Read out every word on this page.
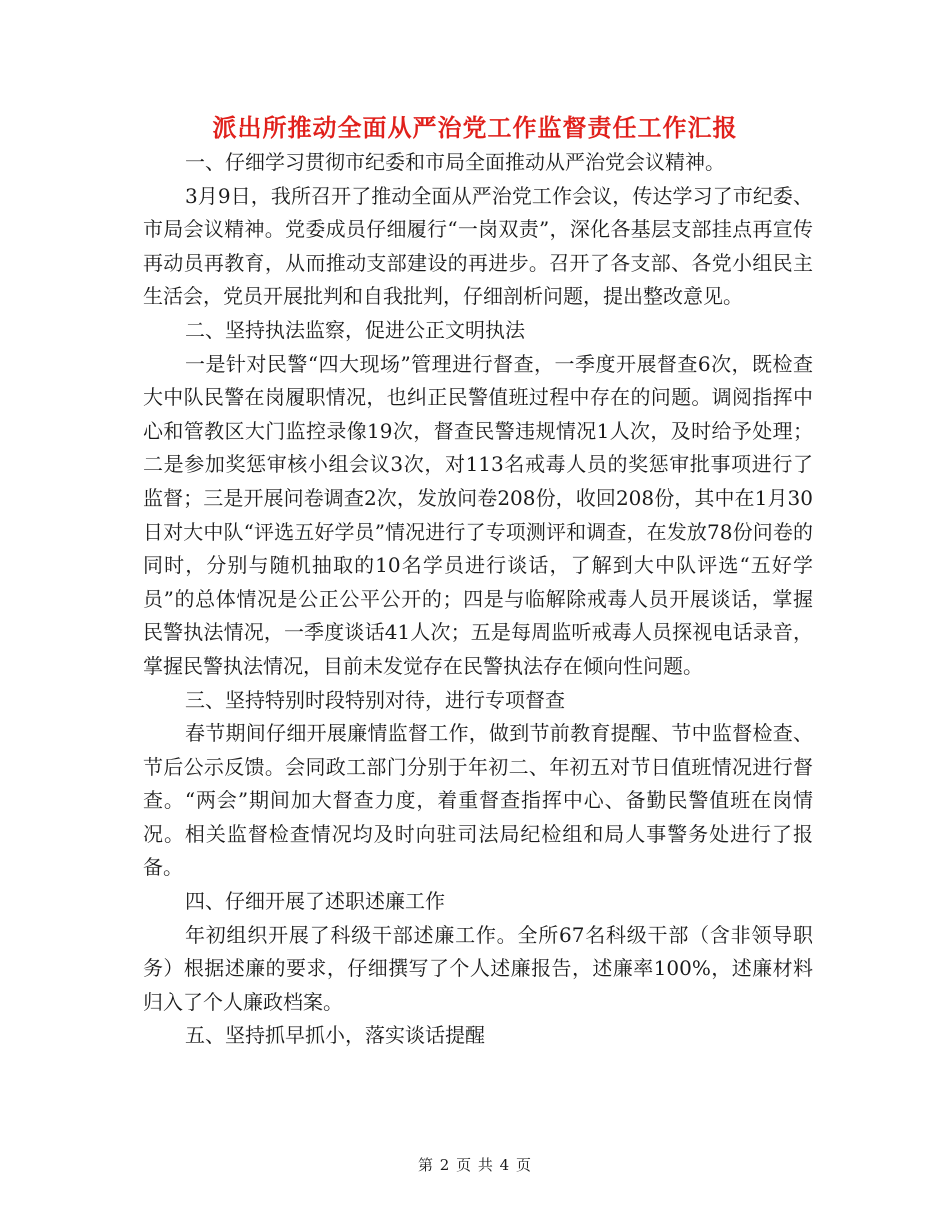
派出所推动全面从严治党工作监督责任工作汇报

一、仔细学习贯彻市纪委和市局全面推动从严治党会议精神。

3月9日，我所召开了推动全面从严治党工作会议，传达学习了市纪委、市局会议精神。党委成员仔细履行“一岗双责”，深化各基层支部挂点再宣传再动员再教育，从而推动支部建设的再进步。召开了各支部、各党小组民主生活会，党员开展批判和自我批判，仔细剖析问题，提出整改意见。

二、坚持执法监察，促进公正文明执法

一是针对民警“四大现场”管理进行督查，一季度开展督查6次，既检查大中队民警在岗履职情况，也纠正民警值班过程中存在的问题。调阅指挥中心和管教区大门监控录像19次，督查民警违规情况1人次，及时给予处理；二是参加奖惩审核小组会议3次，对113名戒毒人员的奖惩审批事项进行了监督；三是开展问卷调查2次，发放问卷208份，收回208份，其中在1月30日对大中队“评选五好学员”情况进行了专项测评和调查，在发放78份问卷的同时，分别与随机抽取的10名学员进行谈话，了解到大中队评选“五好学员”的总体情况是公正公平公开的；四是与临解除戒毒人员开展谈话，掌握民警执法情况，一季度谈话41人次；五是每周监听戒毒人员探视电话录音，掌握民警执法情况，目前未发觉存在民警执法存在倾向性问题。

三、坚持特别时段特别对待，进行专项督查

春节期间仔细开展廉情监督工作，做到节前教育提醒、节中监督检查、节后公示反馈。会同政工部门分别于年初二、年初五对节日值班情况进行督查。“两会”期间加大督查力度，着重督查指挥中心、备勤民警值班在岗情况。相关监督检查情况均及时向驻司法局纪检组和局人事警务处进行了报备。

四、仔细开展了述职述廉工作

年初组织开展了科级干部述廉工作。全所67名科级干部（含非领导职务）根据述廉的要求，仔细撰写了个人述廉报告，述廉率100%，述廉材料归入了个人廉政档案。

五、坚持抓早抓小，落实谈话提醒

第 2 页 共 4 页
